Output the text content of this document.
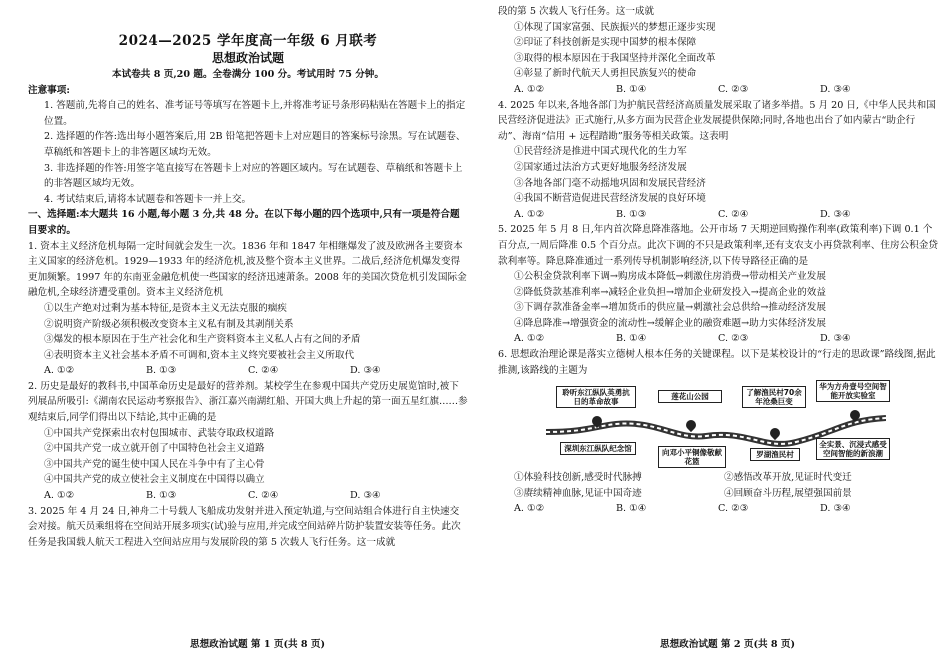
2024—2025 学年度高一年级 6 月联考
思想政治试题
本试卷共 8 页,20 题。全卷满分 100 分。考试用时 75 分钟。
注意事项:

1. 答题前,先将自己的姓名、准考证号等填写在答题卡上,并将准考证号条形码粘贴在答题卡上的指定位置。

2. 选择题的作答:选出每小题答案后,用 2B 铅笔把答题卡上对应题目的答案标号涂黑。写在试题卷、草稿纸和答题卡上的非答题区域均无效。

3. 非选择题的作答:用签字笔直接写在答题卡上对应的答题区域内。写在试题卷、草稿纸和答题卡上的非答题区域均无效。

4. 考试结束后,请将本试题卷和答题卡一并上交。

一、选择题:本大题共 16 小题,每小题 3 分,共 48 分。在以下每小题的四个选项中,只有一项是符合题目要求的。

1. 资本主义经济危机每隔一定时间就会发生一次。1836 年和 1847 年相继爆发了波及欧洲各主要资本主义国家的经济危机。1929—1933 年的经济危机,波及整个资本主义世界。二战后,经济危机爆发变得更加频繁。1997 年的东南亚金融危机使一些国家的经济迅速萧条。2008 年的美国次贷危机引发国际金融危机,全球经济遭受重创。资本主义经济危机
①以生产绝对过剩为基本特征,是资本主义无法克服的痼疾
②说明资产阶级必须积极改变资本主义私有制及其剥削关系
③爆发的根本原因在于生产社会化和生产资料资本主义私人占有之间的矛盾
④表明资本主义社会基本矛盾不可调和,资本主义终究要被社会主义所取代
A. ①②	B. ①③	C. ②④	D. ③④
2. 历史是最好的教科书,中国革命历史是最好的营养剂。某校学生在参观中国共产党历史展览馆时,被下列展品所吸引:《湖南农民运动考察报告》、浙江嘉兴南湖红船、开国大典上升起的第一面五星红旗……参观结束后,同学们得出以下结论,其中正确的是
①中国共产党探索出农村包围城市、武装夺取政权道路
②中国共产党一成立就开创了中国特色社会主义道路
③中国共产党的诞生使中国人民在斗争中有了主心骨
④中国共产党的成立使社会主义制度在中国得以确立
A. ①②	B. ①③	C. ②④	D. ③④
3. 2025 年 4 月 24 日,神舟二十号载人飞船成功发射并进入预定轨道,与空间站组合体进行自主快速交会对接。航天员乘组将在空间站开展多项实(试)验与应用,并完成空间站碎片防护装置安装等任务。此次任务是我国载人航天工程进入空间站应用与发展阶段的第 5 次载人飞行任务。这一成就
段的第 5 次载人飞行任务。这一成就
①体现了国家富强、民族振兴的梦想正逐步实现
②印证了科技创新是实现中国梦的根本保障
③取得的根本原因在于我国坚持并深化全面改革
④彰显了新时代航天人勇担民族复兴的使命
A. ①②	B. ①④	C. ②③	D. ③④
4. 2025 年以来,各地各部门为护航民营经济高质量发展采取了诸多举措。5 月 20 日,《中华人民共和国民营经济促进法》正式施行,从多方面为民营企业发展提供保障;同时,各地也出台了如内蒙古“助企行动”、海南“信用 + 远程踏勘”服务等相关政策。这表明
①民营经济是推进中国式现代化的生力军
②国家通过法治方式更好地服务经济发展
③各地各部门毫不动摇地巩固和发展民营经济
④我国不断营造促进民营经济发展的良好环境
A. ①②	B. ①③	C. ②④	D. ③④
5. 2025 年 5 月 8 日,年内首次降息降准落地。公开市场 7 天期逆回购操作利率(政策利率)下调 0.1 个百分点,一周后降准 0.5 个百分点。此次下调的不只是政策利率,还有支农支小再贷款利率、住房公积金贷款利率等。降息降准通过一系列传导机制影响经济,以下传导路径正确的是
①公积金贷款利率下调→购房成本降低→刺激住房消费→带动相关产业发展
②降低贷款基准利率→减轻企业负担→增加企业研发投入→提高企业的效益
③下调存款准备金率→增加货币的供应量→刺激社会总供给→推动经济发展
④降息降准→增强资金的流动性→缓解企业的融资难题→助力实体经济发展
A. ①②	B. ①④	C. ②③	D. ③④
6. 思想政治理论课是落实立德树人根本任务的关键课程。以下是某校设计的“行走的思政课”路线图,据此推测,该路线的主题为
聆听东江纵队英勇抗日的革命故事
莲花山公园	了解渔民村70余年沧桑巨变
华为方舟壹号空间智能开放实验室
深圳东江纵队纪念馆	向邓小平铜像敬献花篮
罗湖渔民村
全实景、沉浸式感受空间智能的新浪潮
①体验科技创新,感受时代脉搏	②感悟改革开放,见证时代变迁
③赓续精神血脉,见证中国奇迹	④回顾奋斗历程,展望强国前景
A. ①②	B. ①④	C. ②③	D. ③④
思想政治试题 第 1 页(共 8 页)	思想政治试题 第 2 页(共 8 页)
